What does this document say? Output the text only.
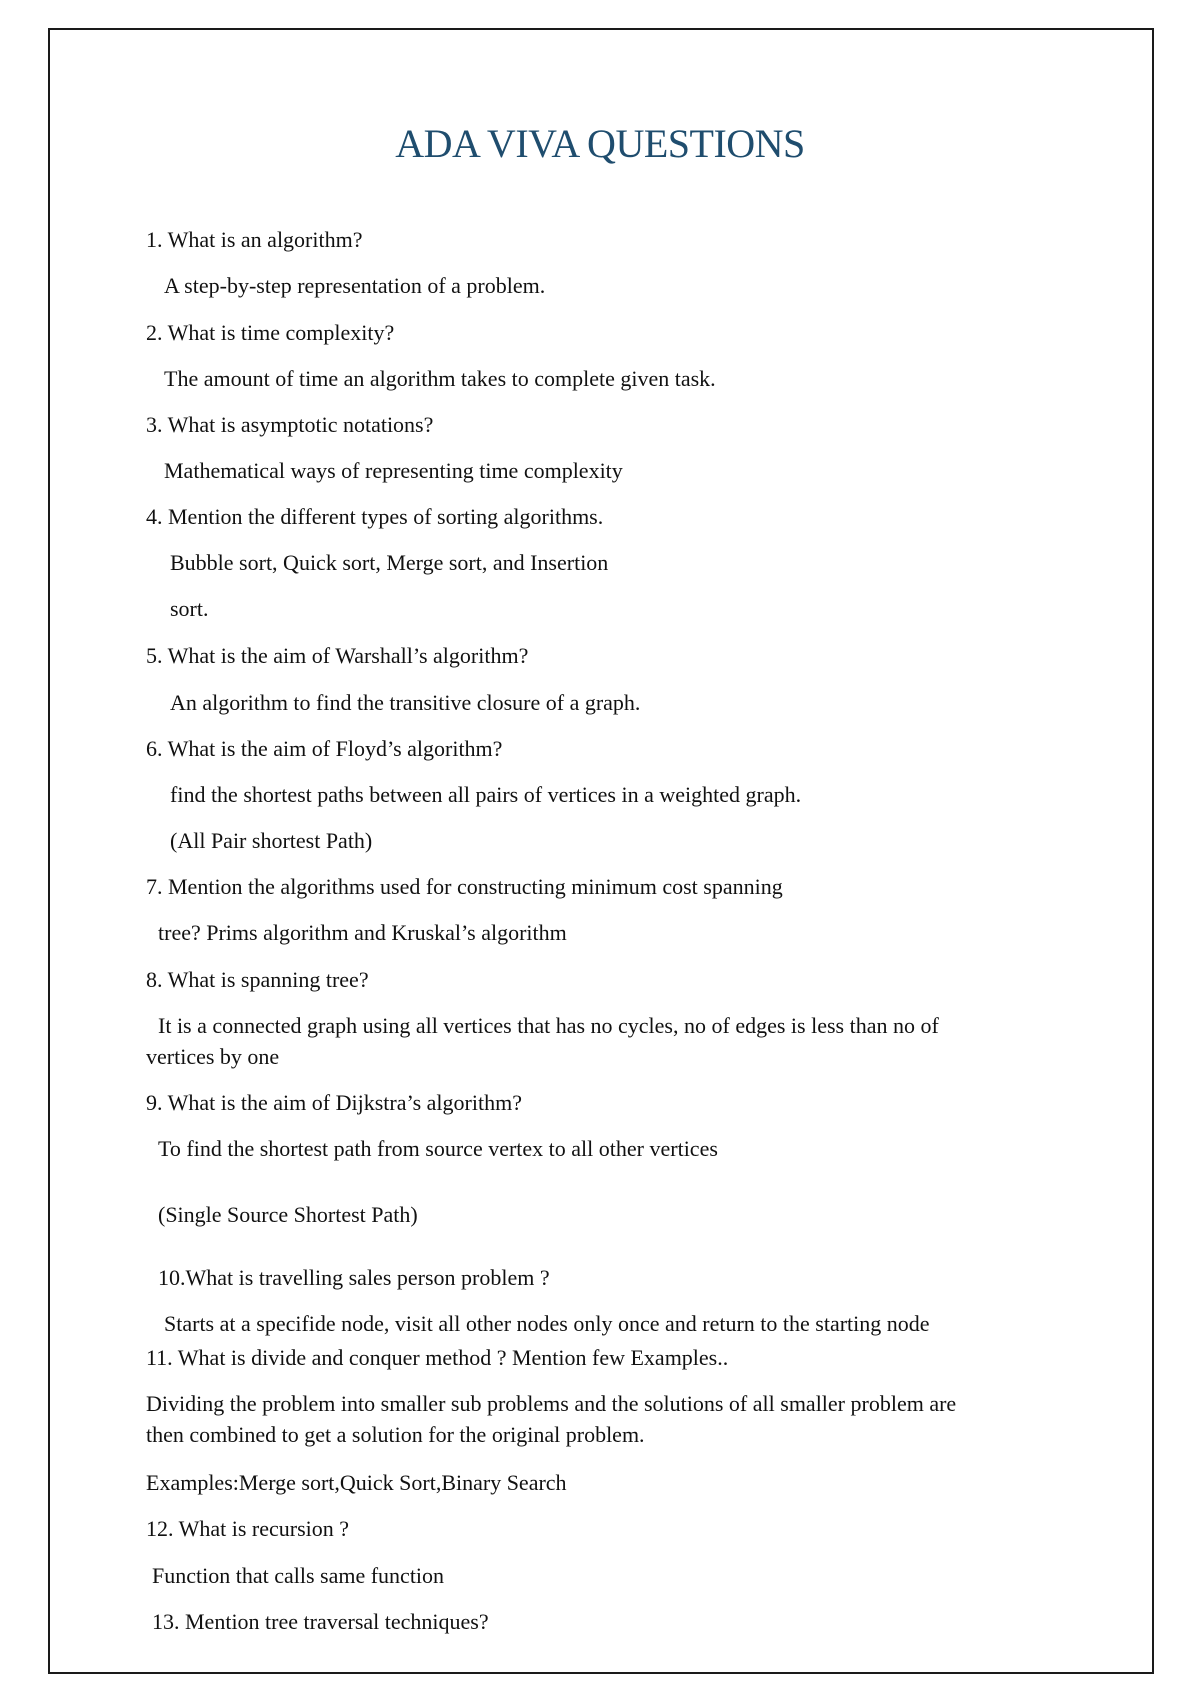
ADA VIVA QUESTIONS
1. What is an algorithm?
A step-by-step representation of a problem.
2. What is time complexity?
The amount of time an algorithm takes to complete given task.
3. What is asymptotic notations?
Mathematical ways of representing time complexity
4. Mention the different types of sorting algorithms.
Bubble sort, Quick sort, Merge sort, and Insertion
sort.
5. What is the aim of Warshall’s algorithm?
An algorithm to find the transitive closure of a graph.
6. What is the aim of Floyd’s algorithm?
find the shortest paths between all pairs of vertices in a weighted graph.
(All Pair shortest Path)
7. Mention the algorithms used for constructing minimum cost spanning
tree? Prims algorithm and Kruskal’s algorithm
8. What is spanning tree?
It is a connected graph using all vertices that has no cycles, no of edges is less than no of
vertices by one
9. What is the aim of Dijkstra’s algorithm?
To find the shortest path from source vertex to all other vertices
(Single Source Shortest Path)
10.What is travelling sales person problem ?
Starts at a specifide node, visit all other nodes only once and return to the starting node
11. What is divide and conquer method ? Mention few Examples..
Dividing the problem into smaller sub problems and the solutions of all smaller problem are
then combined to get a solution for the original problem.
Examples:Merge sort,Quick Sort,Binary Search
12. What is recursion ?
Function that calls same function
13. Mention tree traversal techniques?
